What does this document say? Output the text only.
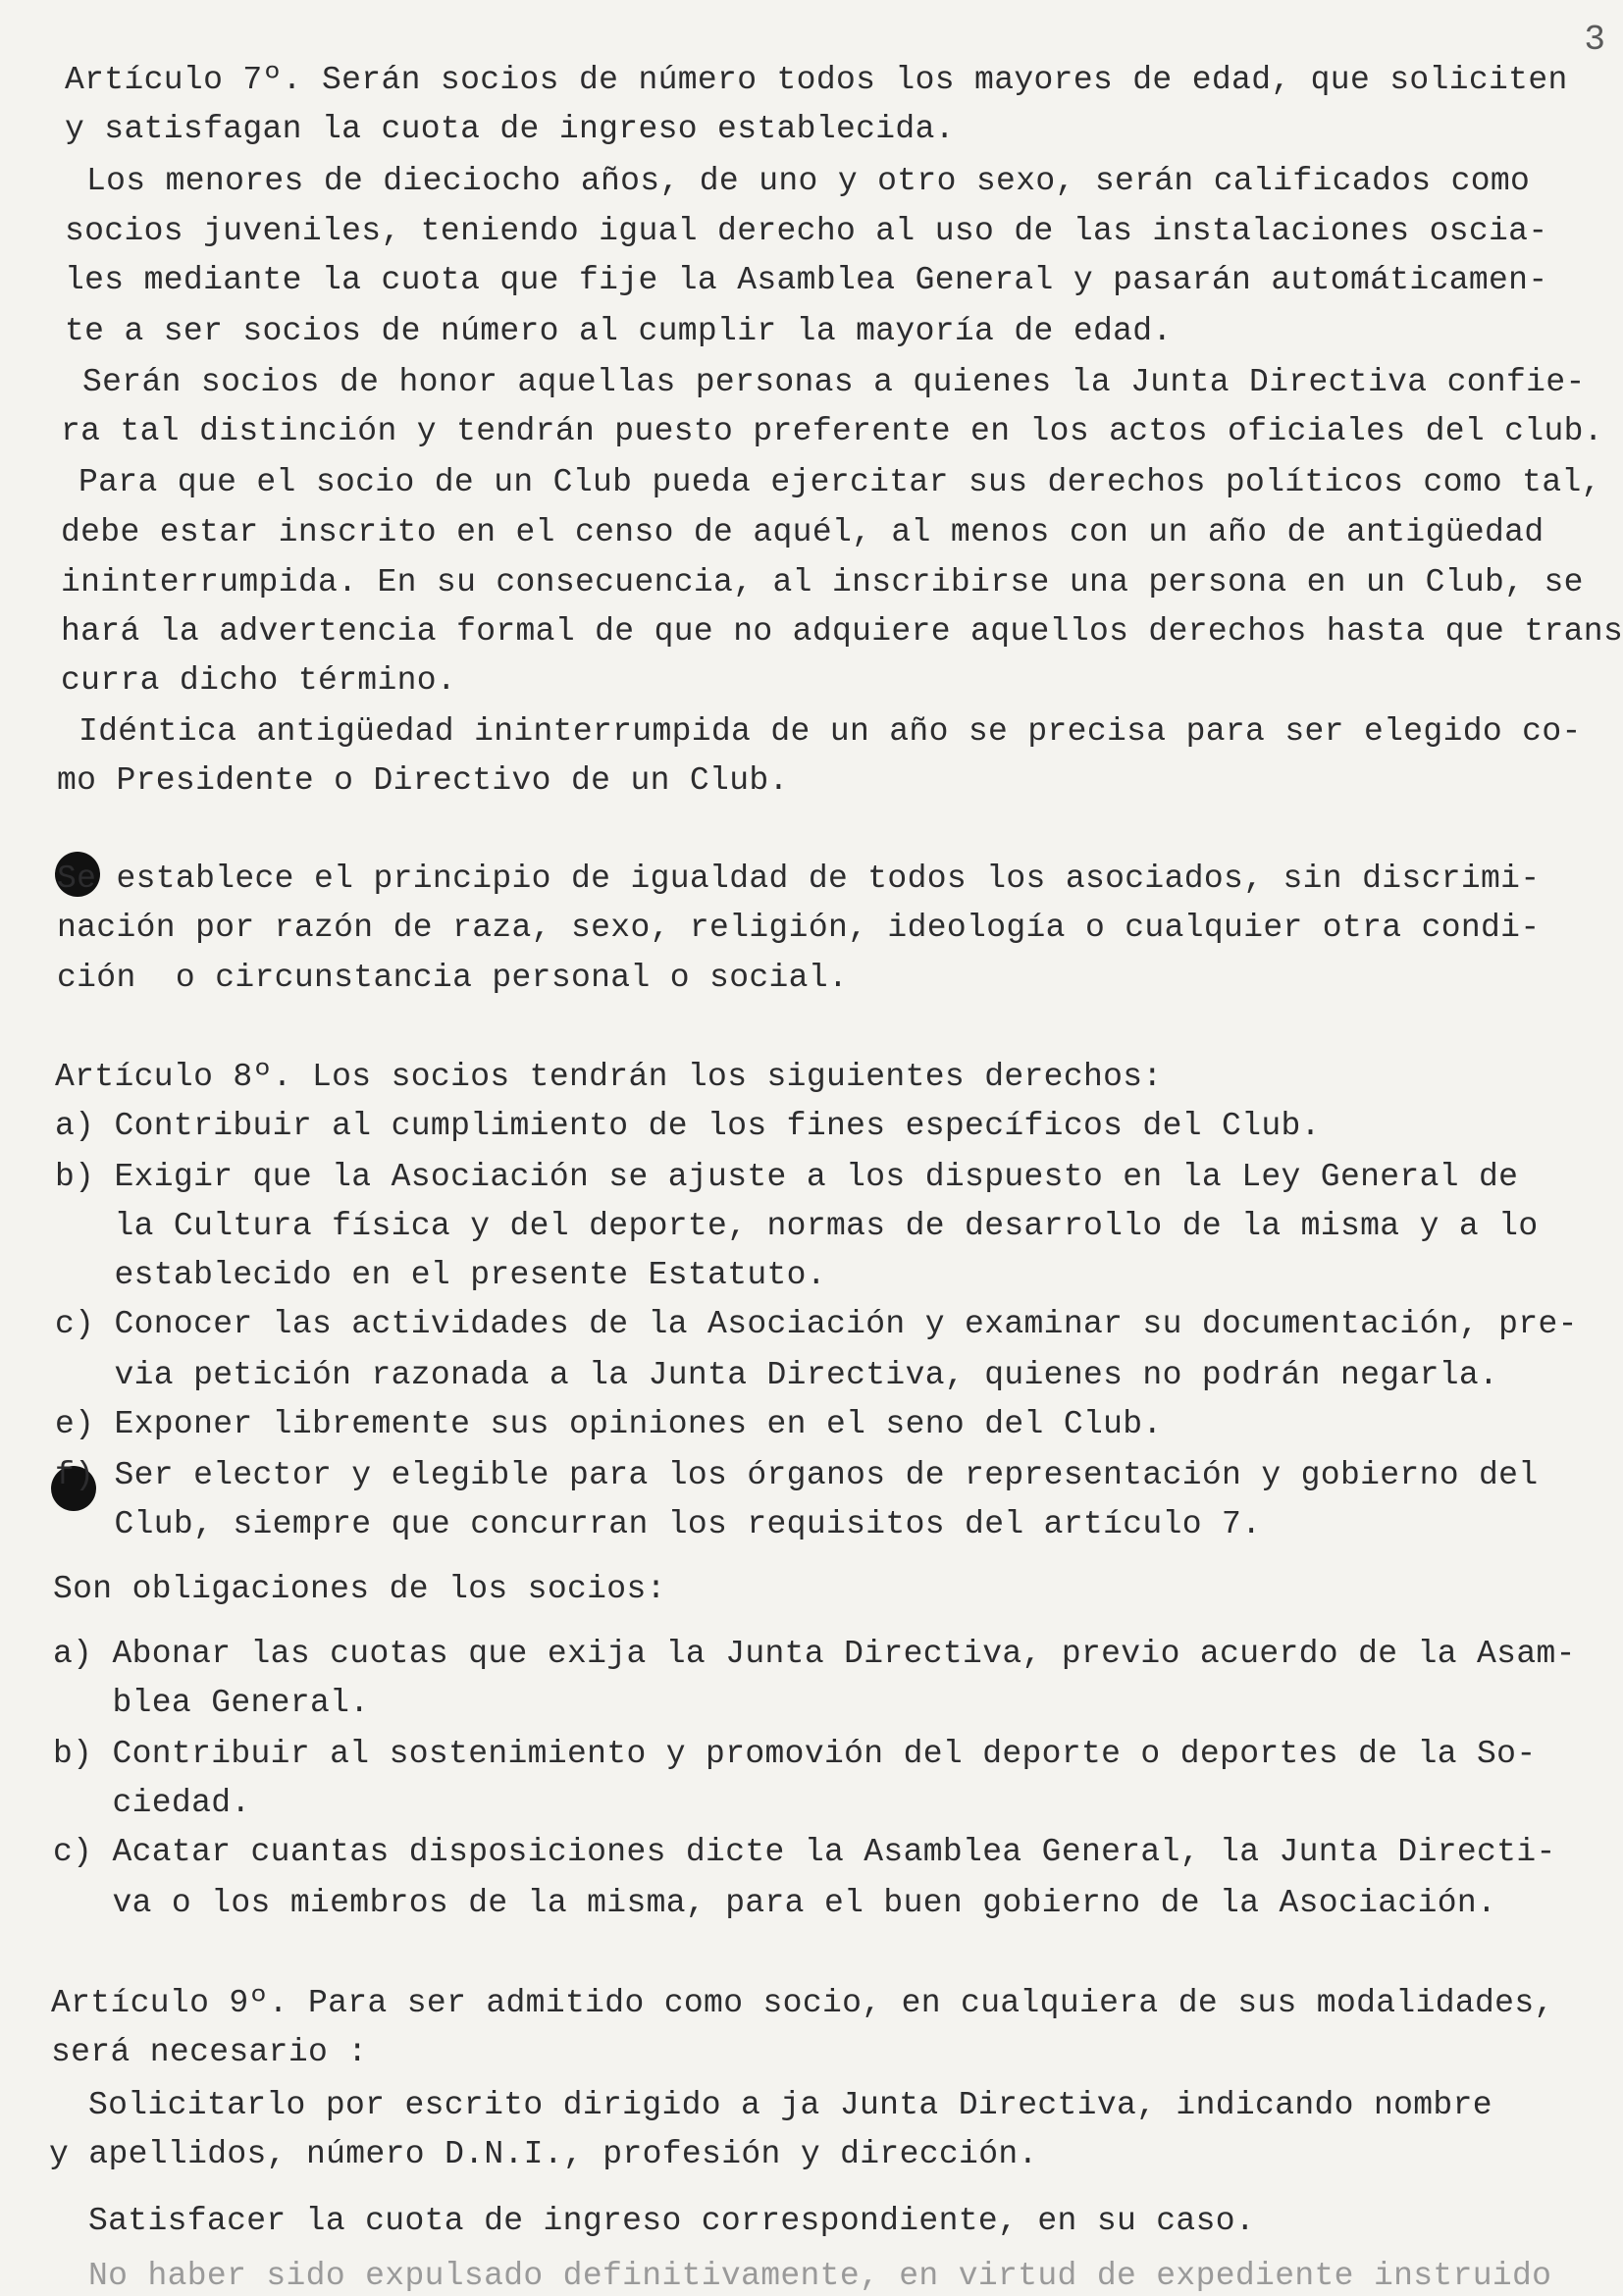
3
Artículo 7º. Serán socios de número todos los mayores de edad, que soliciten
y satisfagan la cuota de ingreso establecida.
Los menores de dieciocho años, de uno y otro sexo, serán calificados como
socios juveniles, teniendo igual derecho al uso de las instalaciones oscia-
les mediante la cuota que fije la Asamblea General y pasarán automáticamen-
te a ser socios de número al cumplir la mayoría de edad.
Serán socios de honor aquellas personas a quienes la Junta Directiva confie-
ra tal distinción y tendrán puesto preferente en los actos oficiales del club.
Para que el socio de un Club pueda ejercitar sus derechos políticos como tal,
debe estar inscrito en el censo de aquél, al menos con un año de antigüedad
ininterrumpida. En su consecuencia, al inscribirse una persona en un Club, se
hará la advertencia formal de que no adquiere aquellos derechos hasta que trans
curra dicho término.
Idéntica antigüedad ininterrumpida de un año se precisa para ser elegido co-
mo Presidente o Directivo de un Club.
Se establece el principio de igualdad de todos los asociados, sin discrimi-
nación por razón de raza, sexo, religión, ideología o cualquier otra condi-
ción  o circunstancia personal o social.
Artículo 8º. Los socios tendrán los siguientes derechos:
a) Contribuir al cumplimiento de los fines específicos del Club.
b) Exigir que la Asociación se ajuste a los dispuesto en la Ley General de
la Cultura física y del deporte, normas de desarrollo de la misma y a lo
establecido en el presente Estatuto.
c) Conocer las actividades de la Asociación y examinar su documentación, pre-
via petición razonada a la Junta Directiva, quienes no podrán negarla.
e) Exponer libremente sus opiniones en el seno del Club.
f) Ser elector y elegible para los órganos de representación y gobierno del
Club, siempre que concurran los requisitos del artículo 7.
Son obligaciones de los socios:
a) Abonar las cuotas que exija la Junta Directiva, previo acuerdo de la Asam-
blea General.
b) Contribuir al sostenimiento y promovión del deporte o deportes de la So-
ciedad.
c) Acatar cuantas disposiciones dicte la Asamblea General, la Junta Directi-
va o los miembros de la misma, para el buen gobierno de la Asociación.
Artículo 9º. Para ser admitido como socio, en cualquiera de sus modalidades,
será necesario :
Solicitarlo por escrito dirigido a ja Junta Directiva, indicando nombre
y apellidos, número D.N.I., profesión y dirección.
Satisfacer la cuota de ingreso correspondiente, en su caso.
No haber sido expulsado definitivamente, en virtud de expediente instruido
